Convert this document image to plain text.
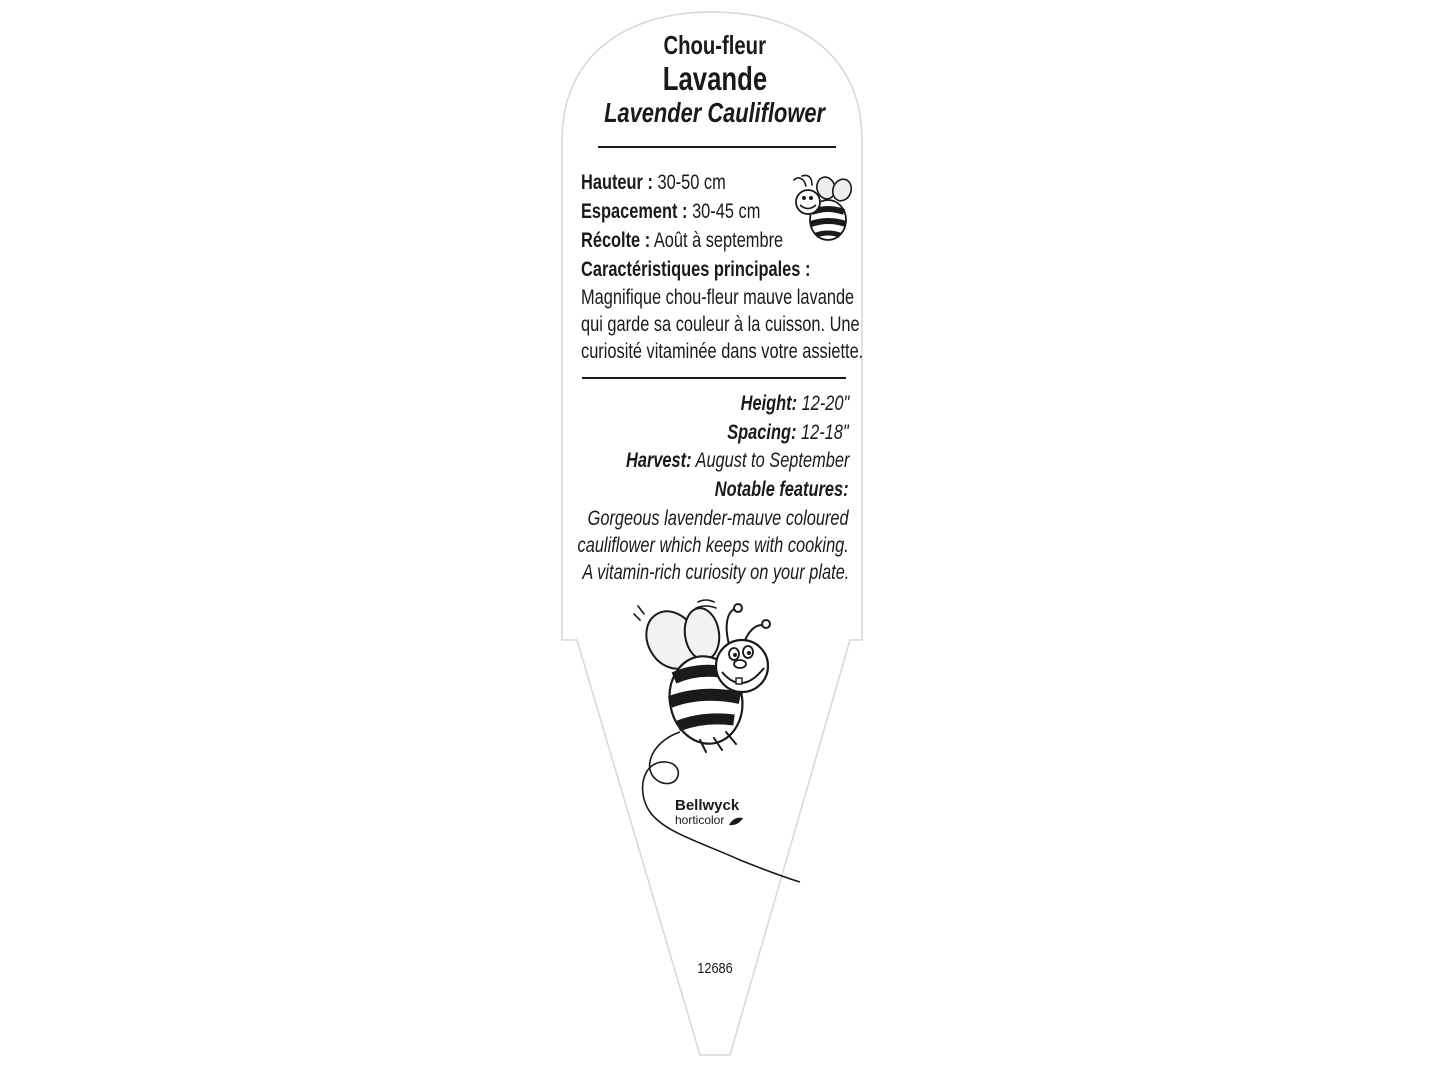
Chou-fleur
Lavande
Lavender Cauliflower
Hauteur : 30-50 cm
Espacement : 30-45 cm
Récolte : Août à septembre
Caractéristiques principales :
Magnifique chou-fleur mauve lavande
qui garde sa couleur à la cuisson. Une
curiosité vitaminée dans votre assiette.
Height: 12-20"
Spacing: 12-18"
Harvest: August to September
Notable features:
Gorgeous lavender-mauve coloured
cauliflower which keeps with cooking.
A vitamin-rich curiosity on your plate.
Bellwyck
horticolor
12686
